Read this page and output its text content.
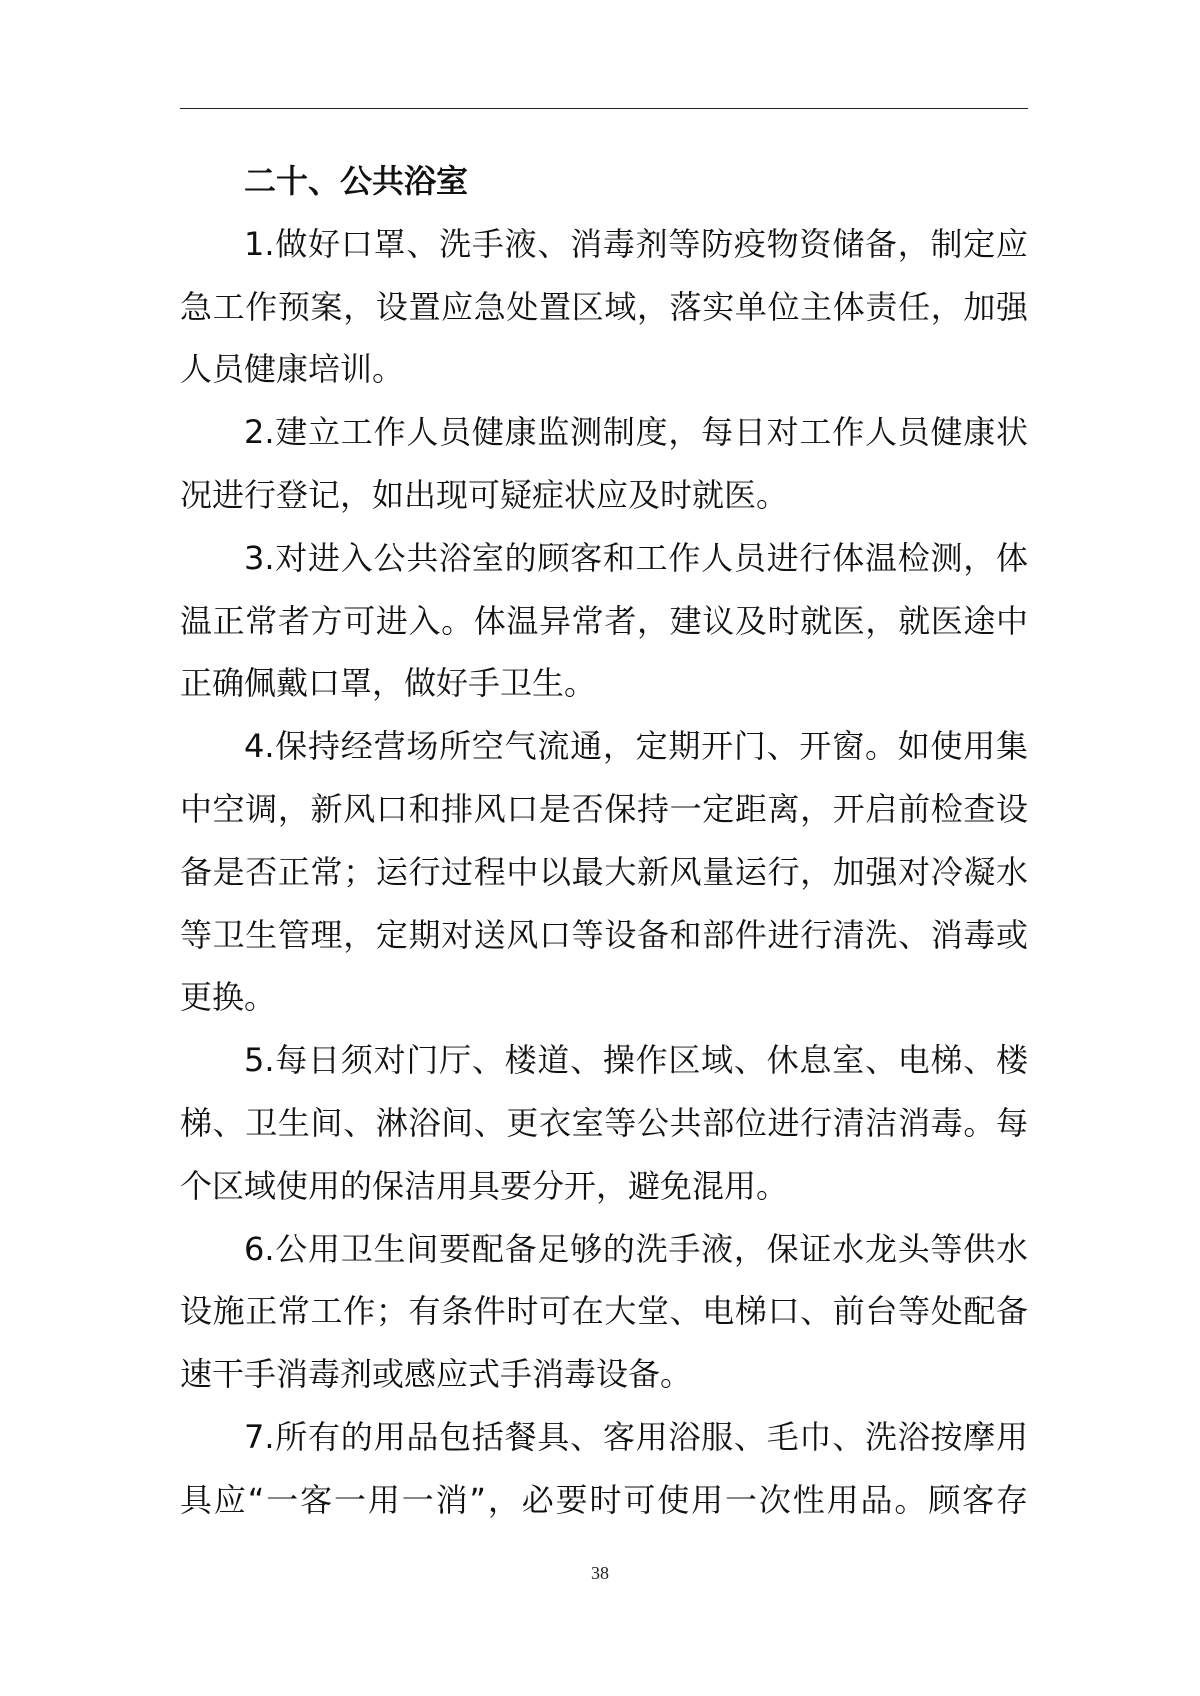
二十、公共浴室
1.做好口罩、洗手液、消毒剂等防疫物资储备，制定应
急工作预案，设置应急处置区域，落实单位主体责任，加强
人员健康培训。
2.建立工作人员健康监测制度，每日对工作人员健康状
况进行登记，如出现可疑症状应及时就医。
3.对进入公共浴室的顾客和工作人员进行体温检测，体
温正常者方可进入。体温异常者，建议及时就医，就医途中
正确佩戴口罩，做好手卫生。
4.保持经营场所空气流通，定期开门、开窗。如使用集
中空调，新风口和排风口是否保持一定距离，开启前检查设
备是否正常；运行过程中以最大新风量运行，加强对冷凝水
等卫生管理，定期对送风口等设备和部件进行清洗、消毒或
更换。
5.每日须对门厅、楼道、操作区域、休息室、电梯、楼
梯、卫生间、淋浴间、更衣室等公共部位进行清洁消毒。每
个区域使用的保洁用具要分开，避免混用。
6.公用卫生间要配备足够的洗手液，保证水龙头等供水
设施正常工作；有条件时可在大堂、电梯口、前台等处配备
速干手消毒剂或感应式手消毒设备。
7.所有的用品包括餐具、客用浴服、毛巾、洗浴按摩用
具应“一客一用一消”，必要时可使用一次性用品。顾客存
38
